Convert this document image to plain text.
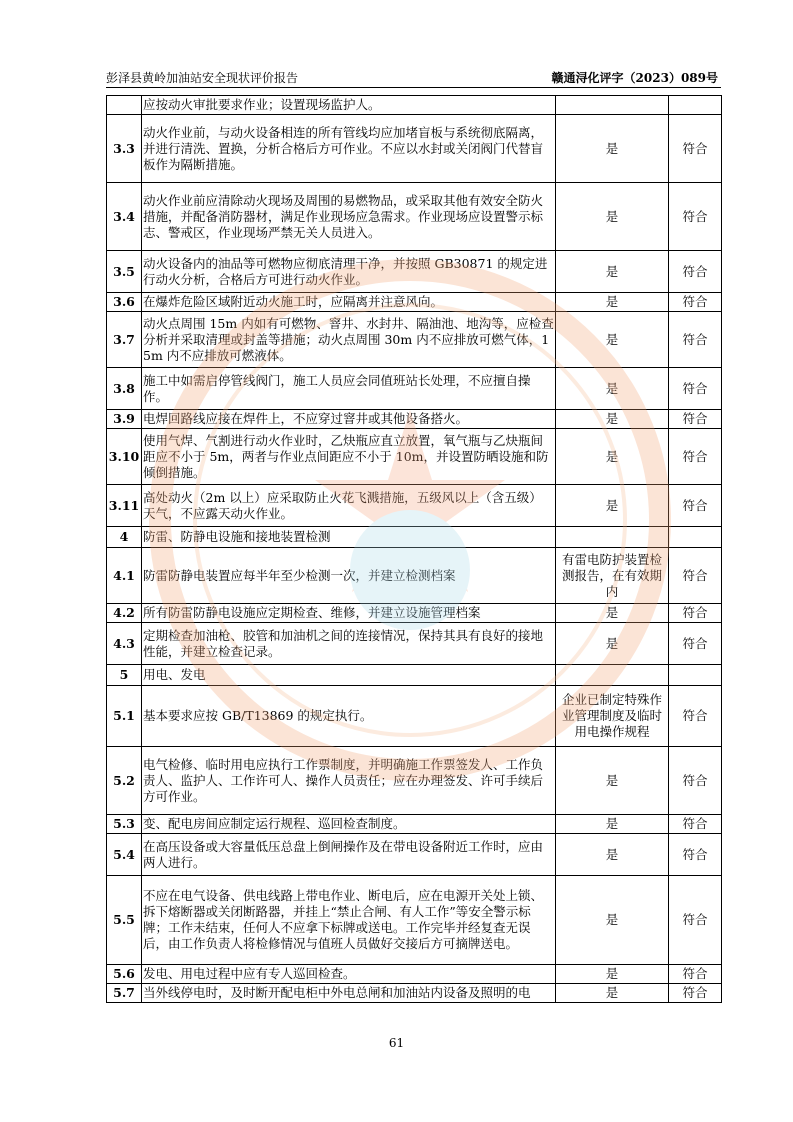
彭泽县黄岭加油站安全现状评价报告	赣通浔化评字（2023）089号
	应按动火审批要求作业；设置现场监护人。		
3.3	动火作业前，与动火设备相连的所有管线均应加堵盲板与系统彻底隔离，并进行清洗、置换，分析合格后方可作业。不应以水封或关闭阀门代替盲板作为隔断措施。	是	符合
3.4	动火作业前应清除动火现场及周围的易燃物品，或采取其他有效安全防火措施，并配备消防器材，满足作业现场应急需求。作业现场应设置警示标志、警戒区，作业现场严禁无关人员进入。	是	符合
3.5	动火设备内的油品等可燃物应彻底清理干净，并按照 GB30871 的规定进行动火分析，合格后方可进行动火作业。	是	符合
3.6	在爆炸危险区域附近动火施工时，应隔离并注意风向。	是	符合
3.7	动火点周围 15m 内如有可燃物、窨井、水封井、隔油池、地沟等，应检查分析并采取清理或封盖等措施；动火点周围 30m 内不应排放可燃气体，15m 内不应排放可燃液体。	是	符合
3.8	施工中如需启停管线阀门，施工人员应会同值班站长处理，不应擅自操作。	是	符合
3.9	电焊回路线应接在焊件上，不应穿过窨井或其他设备搭火。	是	符合
3.10	使用气焊、气割进行动火作业时，乙炔瓶应直立放置，氧气瓶与乙炔瓶间距应不小于 5m，两者与作业点间距应不小于 10m，并设置防晒设施和防倾倒措施。	是	符合
3.11	高处动火（2m 以上）应采取防止火花飞溅措施，五级风以上（含五级）天气，不应露天动火作业。	是	符合
4	防雷、防静电设施和接地装置检测		
4.1	防雷防静电装置应每半年至少检测一次，并建立检测档案	有雷电防护装置检测报告，在有效期内	符合
4.2	所有防雷防静电设施应定期检查、维修，并建立设施管理档案	是	符合
4.3	定期检查加油枪、胶管和加油机之间的连接情况，保持其具有良好的接地性能，并建立检查记录。	是	符合
5	用电、发电		
5.1	基本要求应按 GB/T13869 的规定执行。	企业已制定特殊作业管理制度及临时用电操作规程	符合
5.2	电气检修、临时用电应执行工作票制度，并明确施工作票签发人、工作负责人、监护人、工作许可人、操作人员责任；应在办理签发、许可手续后方可作业。	是	符合
5.3	变、配电房间应制定运行规程、巡回检查制度。	是	符合
5.4	在高压设备或大容量低压总盘上倒闸操作及在带电设备附近工作时，应由两人进行。	是	符合
5.5	不应在电气设备、供电线路上带电作业、断电后，应在电源开关处上锁、拆下熔断器或关闭断路器，并挂上“禁止合闸、有人工作”等安全警示标牌；工作未结束，任何人不应拿下标牌或送电。工作完毕并经复查无误后，由工作负责人将检修情况与值班人员做好交接后方可摘牌送电。	是	符合
5.6	发电、用电过程中应有专人巡回检查。	是	符合
5.7	当外线停电时，及时断开配电柜中外电总闸和加油站内设备及照明的电	是	符合
61
